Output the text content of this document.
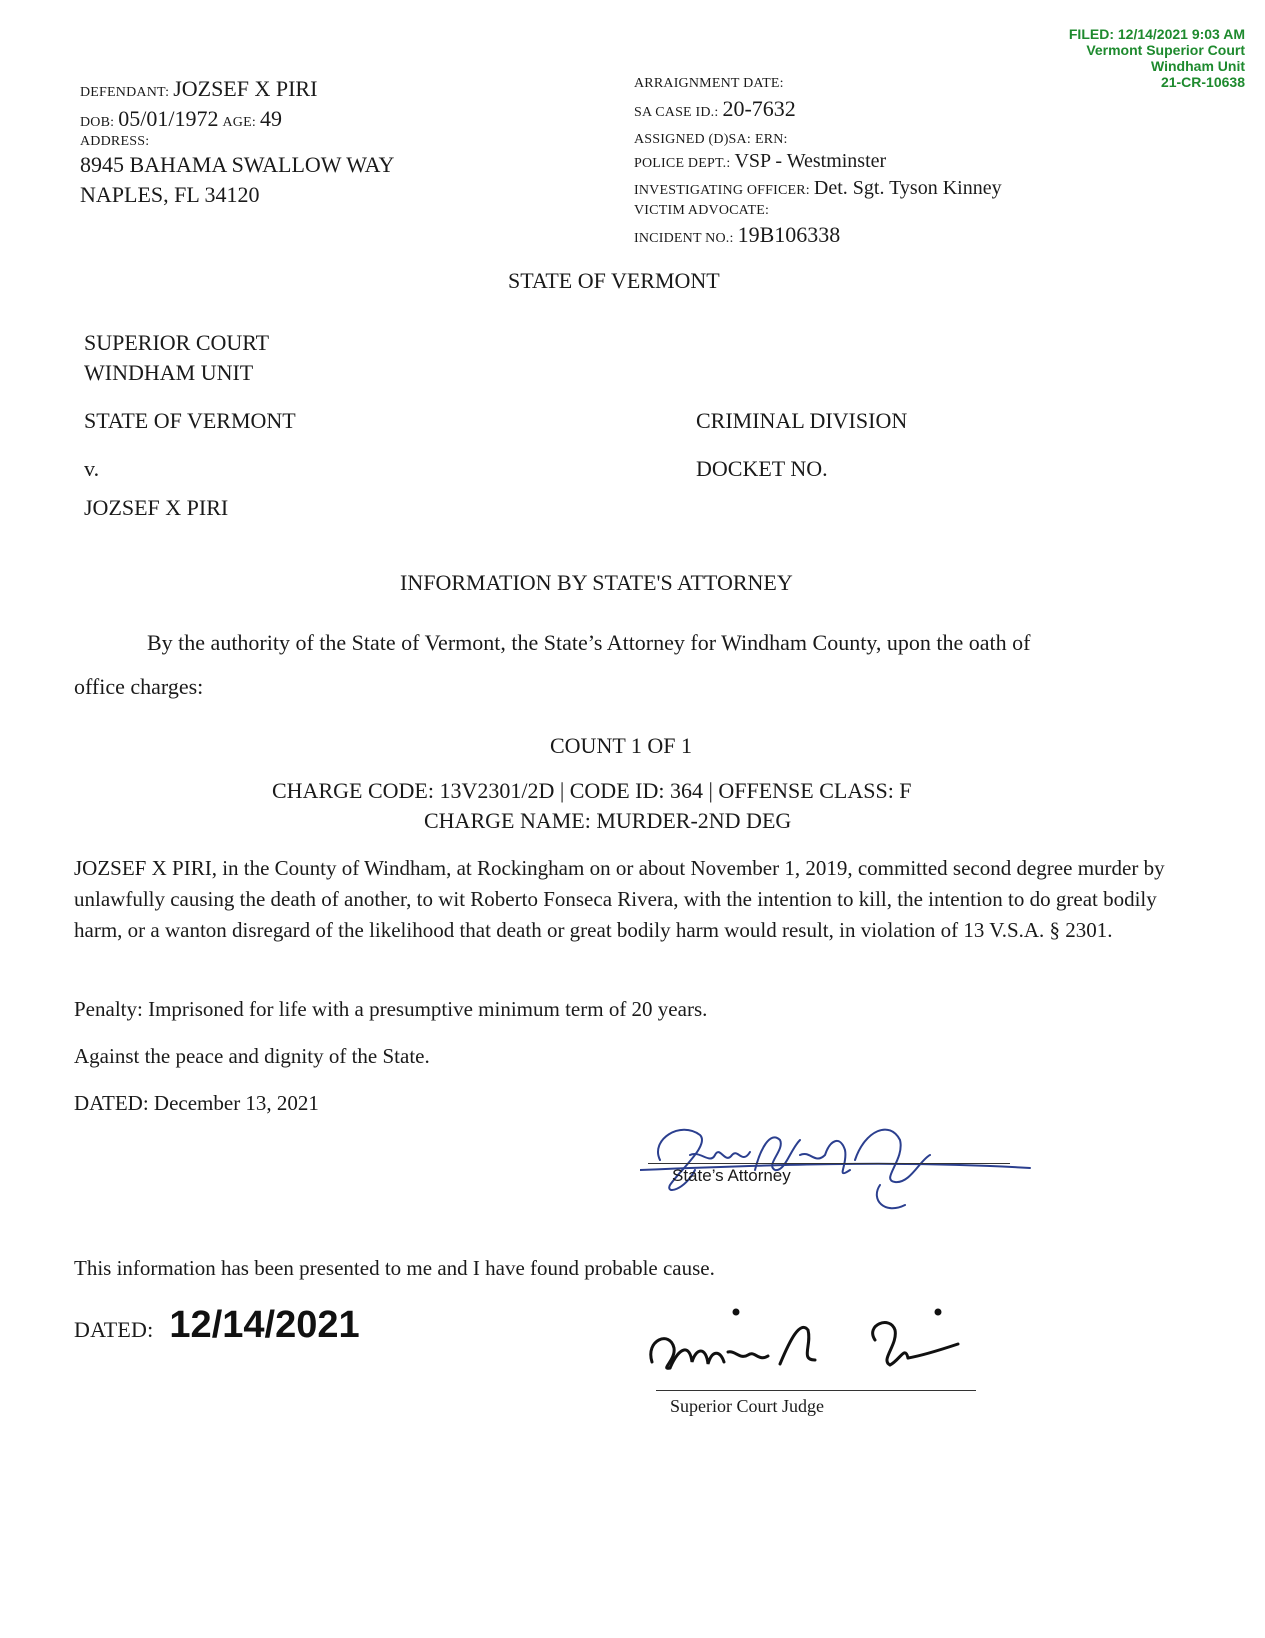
FILED: 12/14/2021 9:03 AM
Vermont Superior Court
Windham Unit
21-CR-10638
DEFENDANT: JOZSEF X PIRI
DOB: 05/01/1972 AGE: 49
ADDRESS:
8945 BAHAMA SWALLOW WAY
NAPLES, FL 34120
ARRAIGNMENT DATE:
SA CASE ID.: 20-7632
ASSIGNED (D)SA: ERN:
POLICE DEPT.: VSP - Westminster
INVESTIGATING OFFICER: Det. Sgt. Tyson Kinney
VICTIM ADVOCATE:
INCIDENT NO.: 19B106338
STATE OF VERMONT
SUPERIOR COURT
WINDHAM UNIT
STATE OF VERMONT
v.
JOZSEF X PIRI
CRIMINAL DIVISION
DOCKET NO.
INFORMATION BY STATE'S ATTORNEY
By the authority of the State of Vermont, the State’s Attorney for Windham County, upon the oath of
office charges:
COUNT 1 OF 1
CHARGE CODE: 13V2301/2D | CODE ID: 364 | OFFENSE CLASS: F
CHARGE NAME: MURDER-2ND DEG
JOZSEF X PIRI, in the County of Windham, at Rockingham on or about November 1, 2019, committed second degree murder by unlawfully causing the death of another, to wit Roberto Fonseca Rivera, with the intention to kill, the intention to do great bodily harm, or a wanton disregard of the likelihood that death or great bodily harm would result, in violation of 13 V.S.A. § 2301.
Penalty: Imprisoned for life with a presumptive minimum term of 20 years.
Against the peace and dignity of the State.
DATED: December 13, 2021
State’s Attorney
This information has been presented to me and I have found probable cause.
DATED: 12/14/2021
Superior Court Judge
